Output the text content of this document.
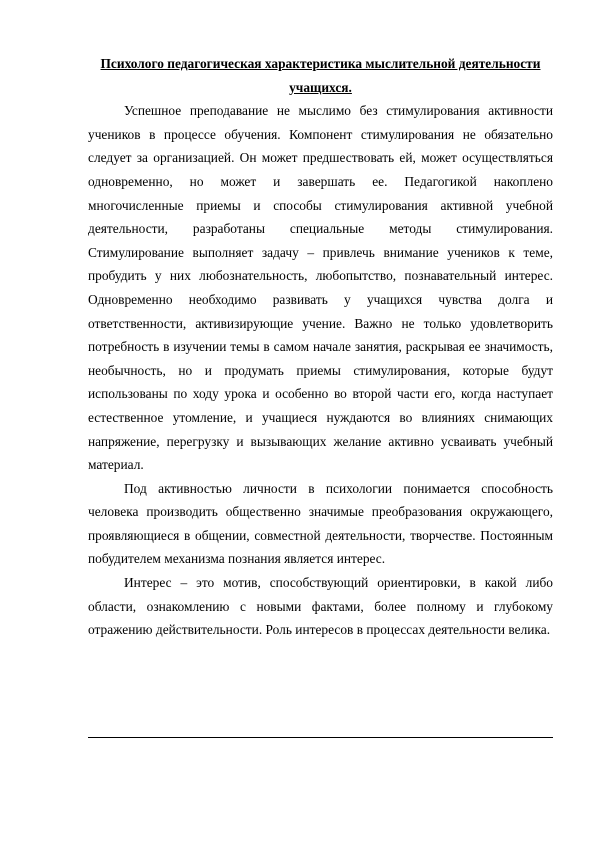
Психолого педагогическая характеристика мыслительной деятельности
учащихся.

Успешное преподавание не мыслимо без стимулирования активности учеников в процессе обучения. Компонент стимулирования не обязательно следует за организацией. Он может предшествовать ей, может осуществляться одновременно, но может и завершать ее. Педагогикой накоплено многочисленные приемы и способы стимулирования активной учебной деятельности, разработаны специальные методы стимулирования. Стимулирование выполняет задачу – привлечь внимание учеников к теме, пробудить у них любознательность, любопытство, познавательный интерес. Одновременно необходимо развивать у учащихся чувства долга и ответственности, активизирующие учение. Важно не только удовлетворить потребность в изучении темы в самом начале занятия, раскрывая ее значимость, необычность, но и продумать приемы стимулирования, которые будут использованы по ходу урока и особенно во второй части его, когда наступает естественное утомление, и учащиеся нуждаются во влияниях снимающих напряжение, перегрузку и вызывающих желание активно усваивать учебный материал.

Под активностью личности в психологии понимается способность человека производить общественно значимые преобразования окружающего, проявляющиеся в общении, совместной деятельности, творчестве. Постоянным побудителем механизма познания является интерес.

Интерес – это мотив, способствующий ориентировки, в какой либо области, ознакомлению с новыми фактами, более полному и глубокому отражению действительности. Роль интересов в процессах деятельности велика.
